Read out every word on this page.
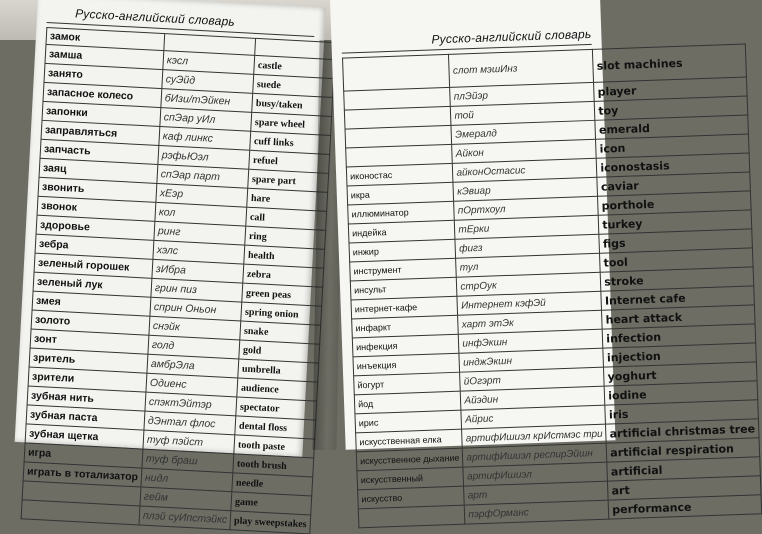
Русско-английский словарь
замок		
замша	кэсл	castle
занято	суЭйд	suede
запасное колесо	бИзи/тЭйкен	busy/taken
запонки	спЭар уИл	spare wheel
заправляться	каф линкс	cuff links
запчасть	рэфьЮэл	refuel
заяц	спЭар парт	spare part
звонить	хЕэр	hare
звонок	кол	call
здоровье	ринг	ring
зебра	хэлс	health
зеленый горошек	зИбра	zebra
зеленый лук	грин пиз	green peas
змея	сприн Оньон	spring onion
золото	снэйк	snake
зонт	голд	gold
зритель	амбрЭла	umbrella
зрители	Одиенс	audience
зубная нить	спэктЭйтэр	spectator
зубная паста	дЭнтал флос	dental floss
зубная щетка	туф пэйст	tooth paste
игра	туф браш	tooth brush
играть в тотализатор	нидл	needle
	гейм	game
	плэй суИпстэйкс	play sweepstakes
Русско-английский словарь
	слот мэшИнз	slot machines
	плЭйэр	player
	той	toy
	Эмералд	emerald
	Айкон	icon
иконостас	айконОстасис	iconostasis
икра	кЭвиар	caviar
иллюминатор	пОртхоул	porthole
индейка	тЕрки	turkey
инжир	фигз	figs
инструмент	тул	tool
инсульт	стрОук	stroke
интернет-кафе	Интернет кэфЭй	Internet cafe
инфаркт	харт этЭк	heart attack
инфекция	инфЭкшн	infection
инъекция	инджЭкшн	injection
йогурт	йОгэрт	yoghurt
йод	Айэдин	iodine
ирис	Айрис	iris
искусственная елка	артифИшиэл крИстмэс три	artificial christmas tree
искусственное дыхание	артифИшиэл респирЭйшн	artificial respiration
искусственный	артифИшиэл	artificial
искусство	арт	art
	пэрфОрманс	performance
